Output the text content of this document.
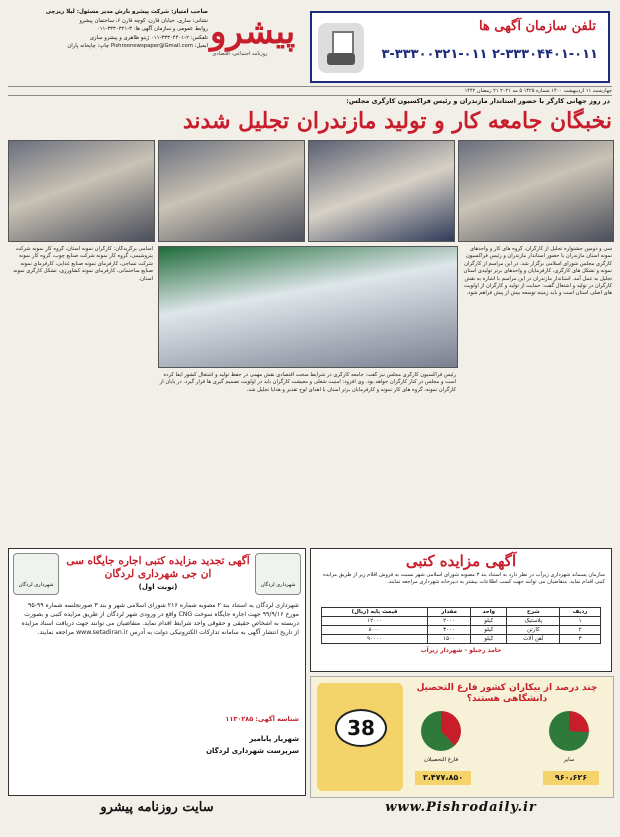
صاحب امتیاز: شرکت پیشرو بارش مدیر مسئول: لیلا ریزچی
نشانی: ساری، خیابان قارن، کوچه قارن ۶، ساختمان پیشرو
روابط عمومی و سازمان آگهی ها: ۳-۳۳۳۰۳۲۱-۰۱۱
تلفکس: ۲-۳۳۳۰۴۴۰۱-۰۱۱ ژینو ظاهری و پیشرو سازی
ایمیل: Pishroonewspaper@Gmail.com چاپ: چاپخانه پاران پیشرو
روزنامه اجتماعی، اقتصادی
تلفن سازمان آگهی ها
۳-۳۳۳۰۰۳۲۱-۰۱۱ ۲-۳۳۳۰۴۴۰۱-۰۱۱
چهارشنبه ۱۱ اردیبهشت ۱۴۰۰ شماره ۱۴۲۵ ۵ مه ۲۰۲۱ ۲۱ رمضان ۱۴۴۲
در روز جهانی کارگر با حضور استاندار مازندران و رئیس فراکسیون کارگری مجلس:
نخبگان جامعه کار و تولید مازندران تجلیل شدند
سی و دومین جشنواره تجلیل از کارگران، گروه های کار و واحدهای نمونه استان مازندران با حضور استاندار مازندران و رئیس فراکسیون کارگری مجلس شورای اسلامی برگزار شد. در این مراسم از کارگران نمونه و تشکل های کارگری، کارفرمایان و واحدهای برتر تولیدی استان تجلیل به عمل آمد. استاندار مازندران در این مراسم با اشاره به نقش کارگران در تولید و اشتغال گفت: حمایت از تولید و کارگران از اولویت های اصلی استان است و باید زمینه توسعه بیش از پیش فراهم شود.
رئیس فراکسیون کارگری مجلس نیز گفت: جامعه کارگری در شرایط سخت اقتصادی نقش مهمی در حفظ تولید و اشتغال کشور ایفا کرده است و مجلس در کنار کارگران خواهد بود. وی افزود: امنیت شغلی و معیشت کارگران باید در اولویت تصمیم گیری ها قرار گیرد. در پایان از کارگران نمونه، گروه های کار نمونه و کارفرمایان برتر استان با اهدای لوح تقدیر و هدایا تجلیل شد.
اسامی برگزیدگان: کارگران نمونه استان، گروه کار نمونه شرکت پتروشیمی، گروه کار نمونه شرکت صنایع چوب، گروه کار نمونه شرکت نساجی، کارفرمای نمونه صنایع غذایی، کارفرمای نمونه صنایع ساختمانی، کارفرمای نمونه کشاورزی، تشکل کارگری نمونه استان.
آگهی مزایده کتبی
سازمان پسماند شهرداری زیرآب در نظر دارد به استناد بند ۳ مصوبه شورای اسلامی شهر نسبت به فروش اقلام زیر از طریق مزایده کتبی اقدام نماید. متقاضیان می توانند جهت کسب اطلاعات بیشتر به دبیرخانه شهرداری مراجعه نمایند.
ردیف	شرح	واحد	مقدار	قیمت پایه (ریال)
۱	پلاستیک	کیلو	۲۰۰۰	۱۲۰۰۰
۲	کارتن	کیلو	۳۰۰۰	۸۰۰۰
۳	آهن آلات	کیلو	۱۵۰۰	۹۰۰۰۰
حامد رجبلو - شهردار زیرآب
شهرداری لردگان
شهرداری لردگان
آگهی تجدید مزایده کتبی اجاره جایگاه سی ان جی شهرداری لردگان
(نوبت اول)
شهرداری لردگان به استناد بند ۲ مصوبه شماره ۲۱۶ شورای اسلامی شهر و بند ۳ صورتجلسه شماره ۹۹-۹۵ مورخ ۹۹/۹/۱۶ جهت اجاره جایگاه سوخت CNG واقع در ورودی شهر لردگان از طریق مزایده کتبی و بصورت دربسته به اشخاص حقیقی و حقوقی واجد شرایط اقدام نماید. متقاضیان می توانند جهت دریافت اسناد مزایده از تاریخ انتشار آگهی به سامانه تدارکات الکترونیکی دولت به آدرس www.setadiran.ir مراجعه نمایند.
شناسه آگهی: ۱۱۳۰۲۸۵
شهریار پابامیر
سرپرست شهرداری لردگان
38
چند درصد از بیکاران کشور فارغ التحصیل دانشگاهی هستند؟
فارغ التحصیلان	سایر
۳،۴۷۷،۸۵۰	۹۶۰،۶۲۶
سایت روزنامه پیشرو	www.Pishrodaily.ir
